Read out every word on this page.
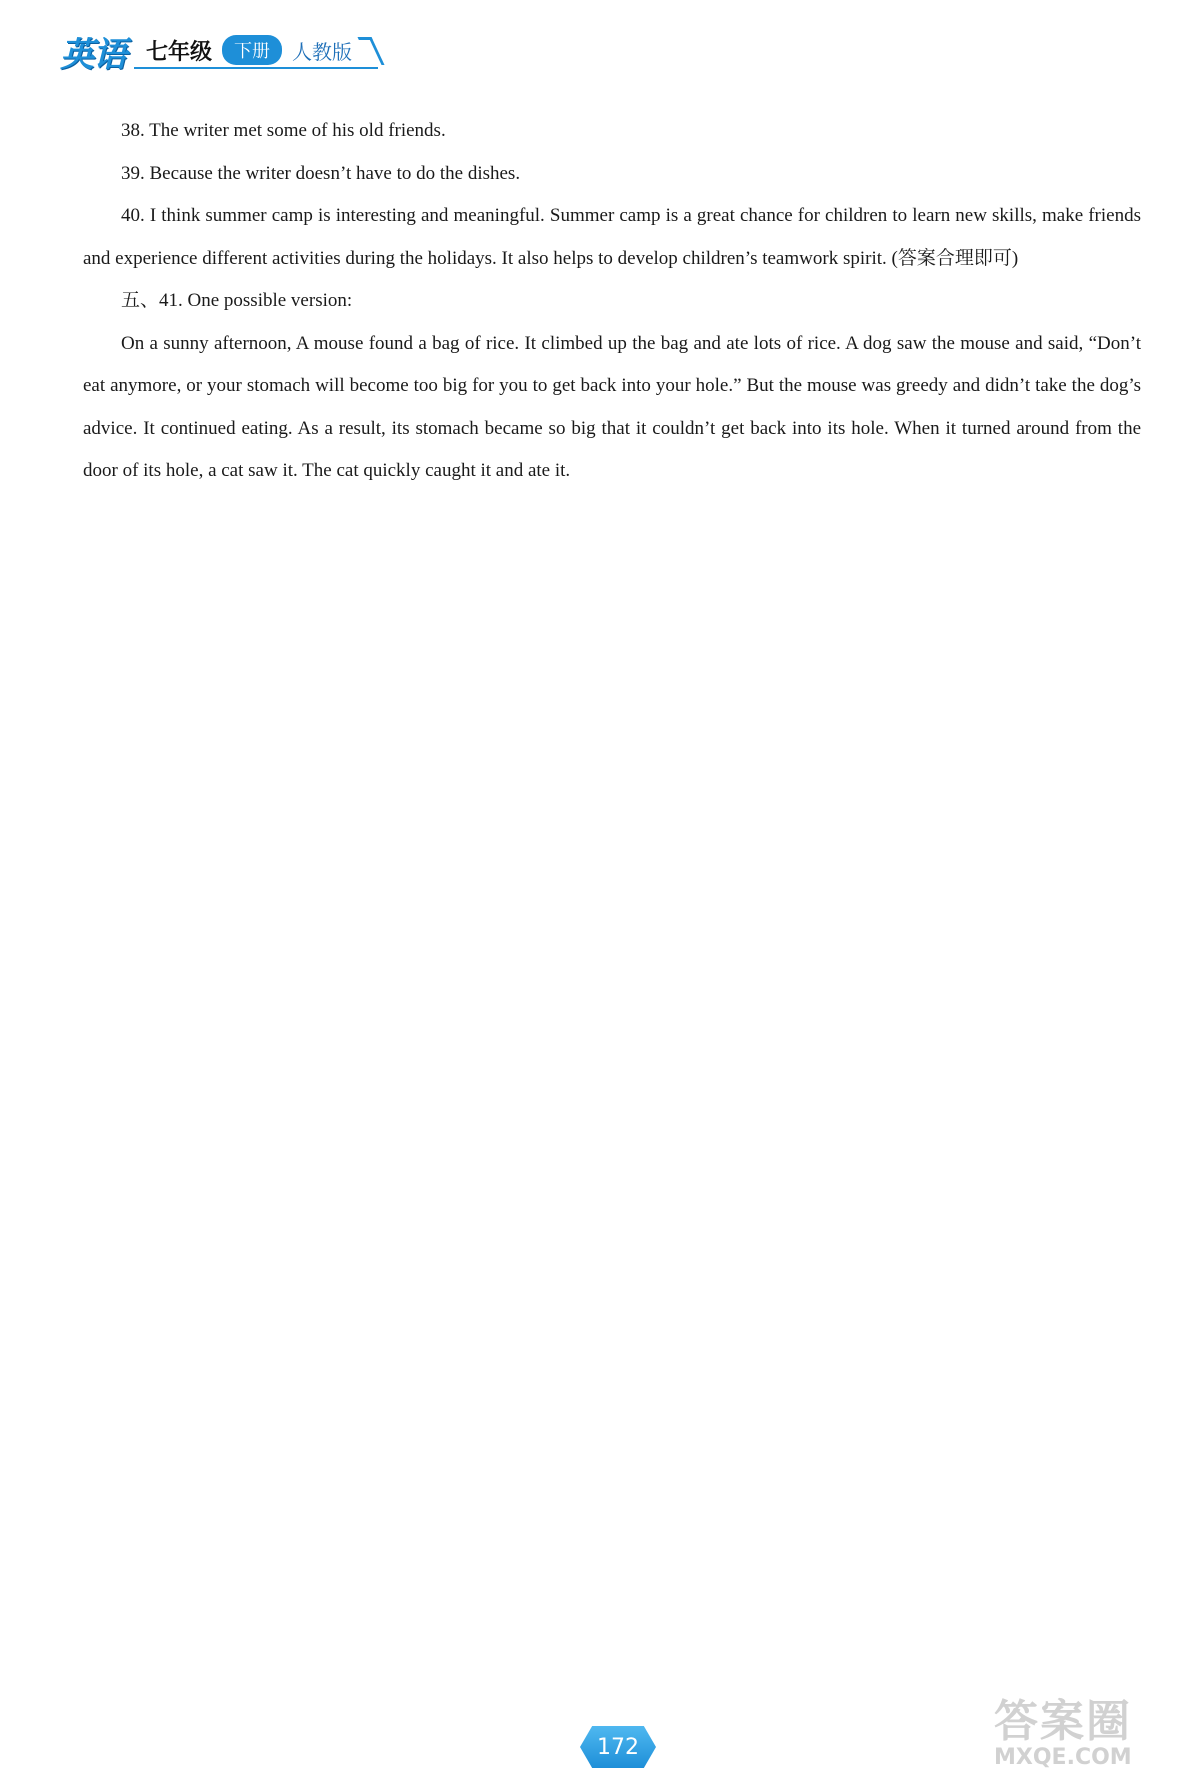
英语 七年级	下册	人教版

38. The writer met some of his old friends.

39. Because the writer doesn’t have to do the dishes.

40. I think summer camp is interesting and meaningful. Summer camp is a great chance for children to learn new skills, make friends and experience different activities during the holidays. It also helps to develop children’s teamwork spirit. (答案合理即可)

五、41. One possible version:

On a sunny afternoon, A mouse found a bag of rice. It climbed up the bag and ate lots of rice. A dog saw the mouse and said, “Don’t eat anymore, or your stomach will become too big for you to get back into your hole.” But the mouse was greedy and didn’t take the dog’s advice. It continued eating. As a result, its stomach became so big that it couldn’t get back into its hole. When it turned around from the door of its hole, a cat saw it. The cat quickly caught it and ate it.

172	答案圈
MXQE.COM
